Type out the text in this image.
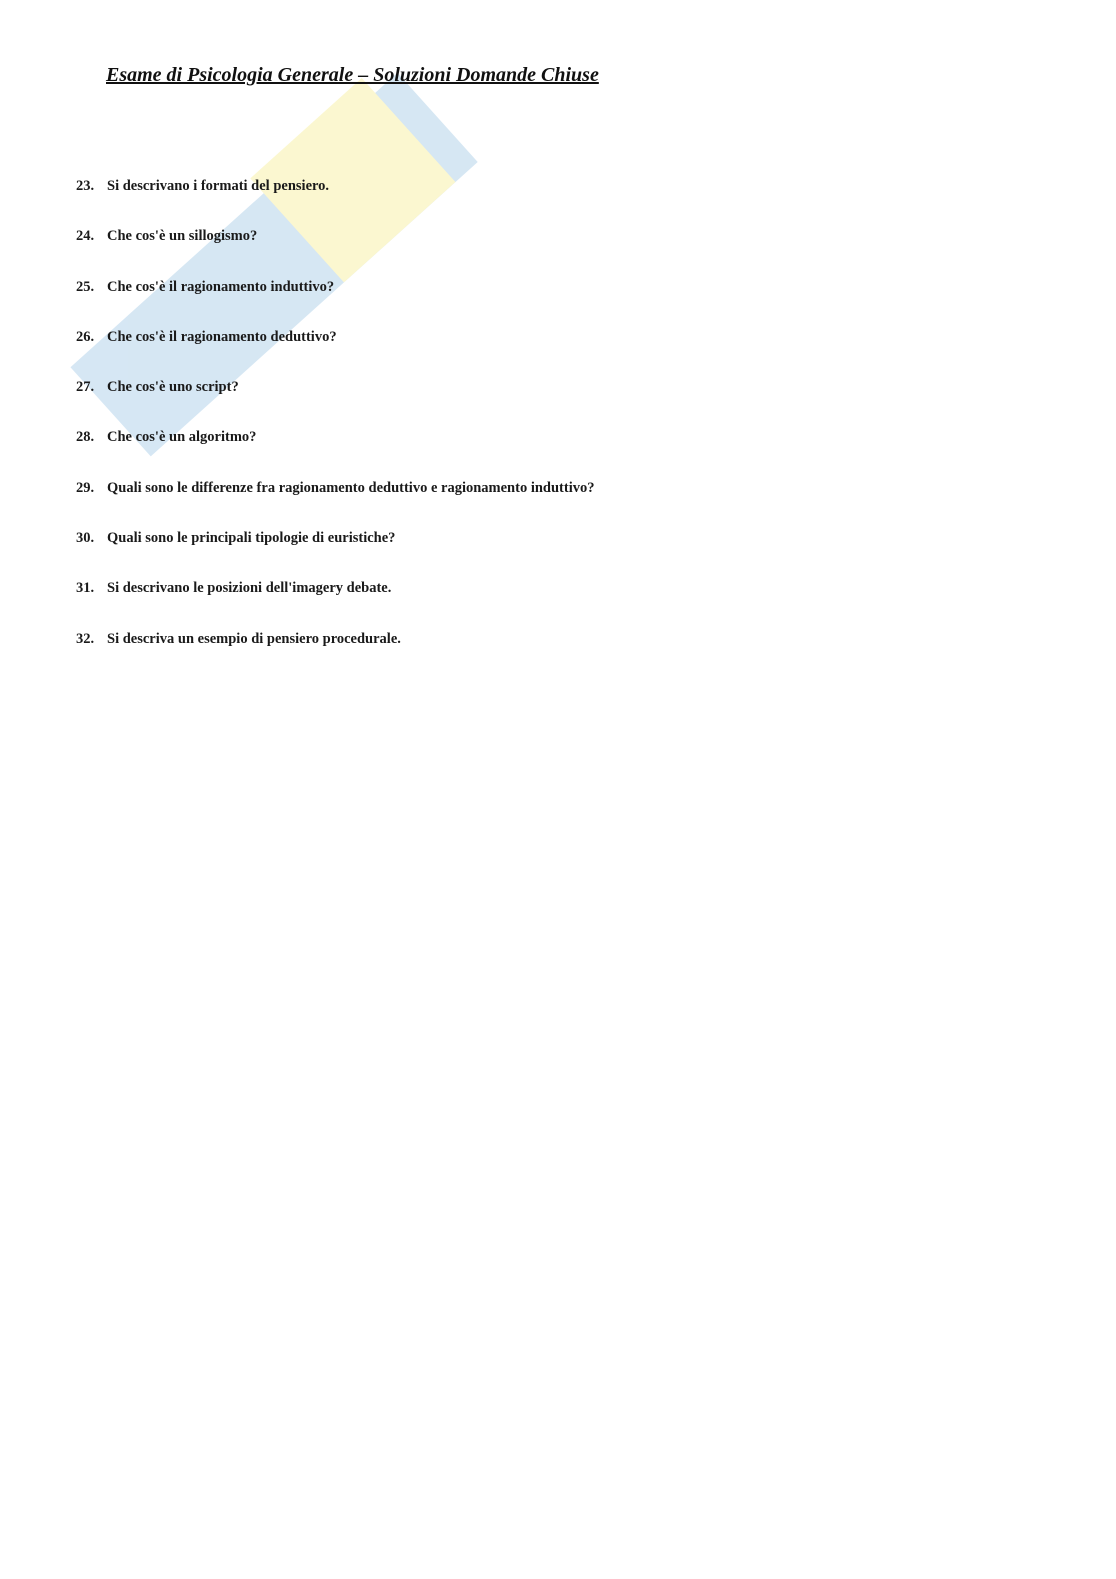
Esame di Psicologia Generale – Soluzioni Domande Chiuse
23. Si descrivano i formati del pensiero.
24. Che cos'è un sillogismo?
25. Che cos'è il ragionamento induttivo?
26. Che cos'è il ragionamento deduttivo?
27. Che cos'è uno script?
28. Che cos'è un algoritmo?
29. Quali sono le differenze fra ragionamento deduttivo e ragionamento induttivo?
30. Quali sono le principali tipologie di euristiche?
31. Si descrivano le posizioni dell'imagery debate.
32. Si descriva un esempio di pensiero procedurale.
